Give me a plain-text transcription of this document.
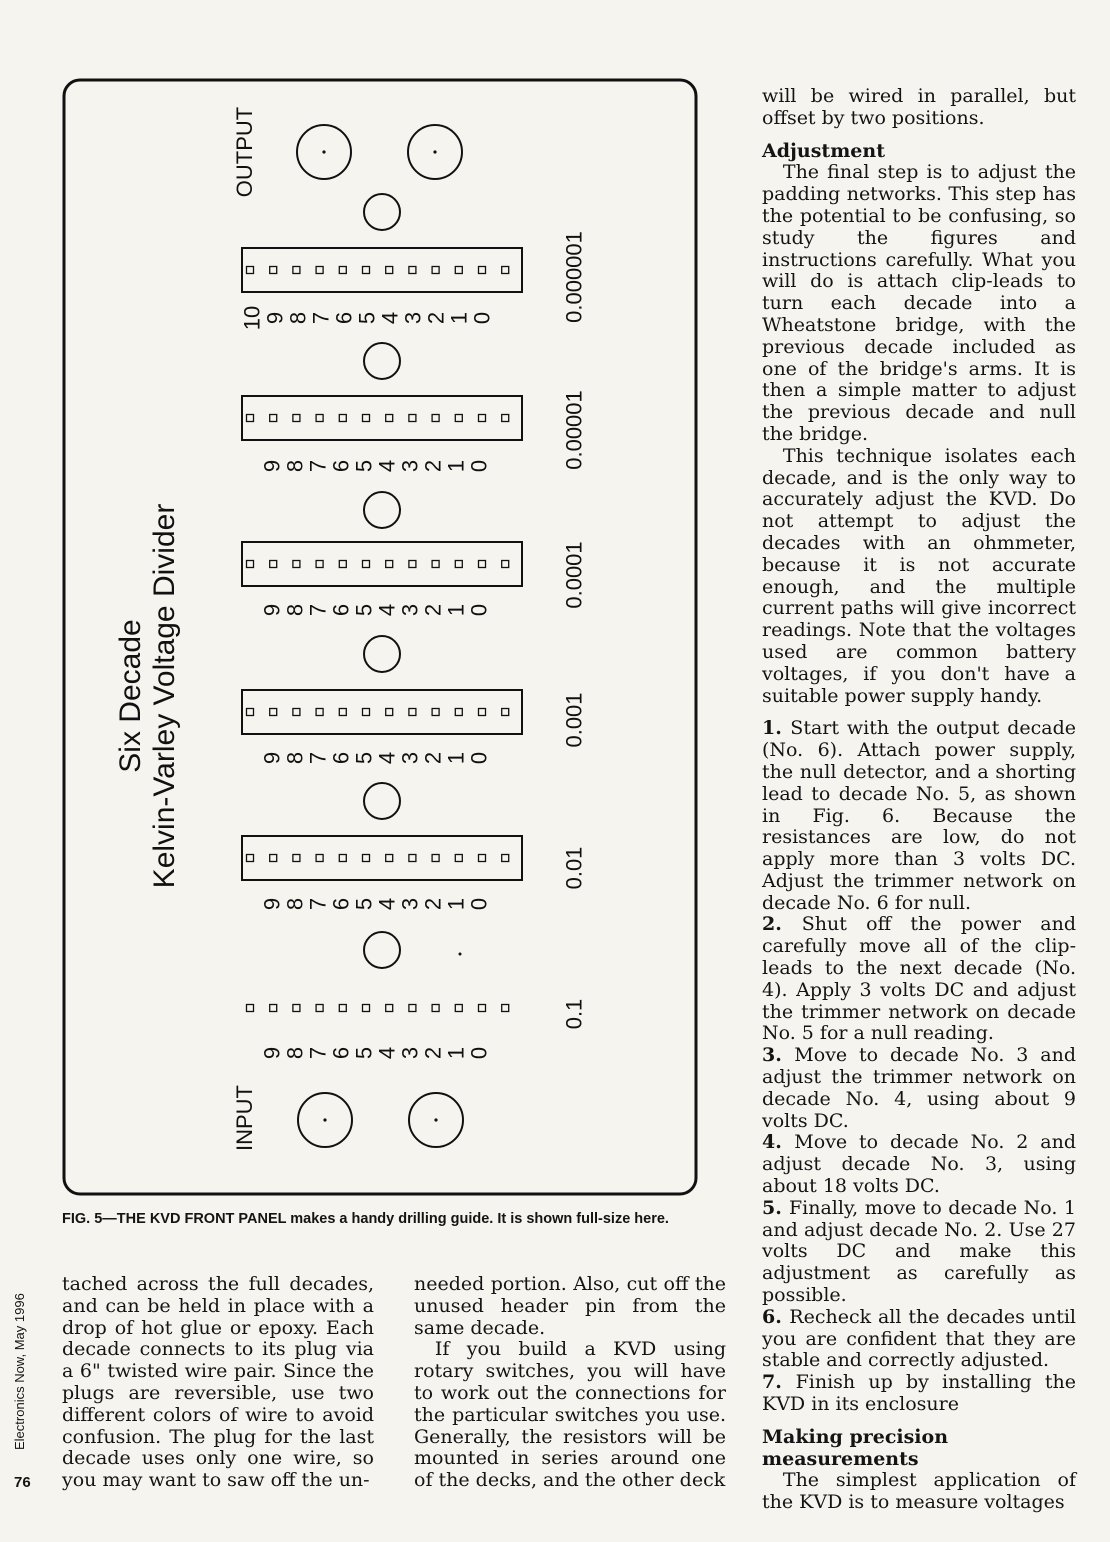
Six Decade Kelvin-Varley Voltage Divider
OUTPUT
INPUT
10
9
8
7
6
5
4
3
2
1
0
9
8
7
6
5
4
3
2
1
0
9
8
7
6
5
4
3
2
1
0
9
8
7
6
5
4
3
2
1
0
9
8
7
6
5
4
3
2
1
0
9
8
7
6
5
4
3
2
1
0
0.1
0.01
0.001
0.0001
0.00001
0.000001
FIG. 5—THE KVD FRONT PANEL makes a handy drilling guide. It is shown full-size here.
Electronics Now, May 1996
76

tached across the full decades, and can be held in place with a drop of hot glue or epoxy. Each decade connects to its plug via a 6" twisted wire pair. Since the plugs are reversible, use two different colors of wire to avoid confusion. The plug for the last decade uses only one wire, so you may want to saw off the un-

needed portion. Also, cut off the unused header pin from the same decade.

If you build a KVD using rotary switches, you will have to work out the connections for the particular switches you use. Generally, the resistors will be mounted in series around one of the decks, and the other deck

will be wired in parallel, but offset by two positions.

Adjustment

The final step is to adjust the padding networks. This step has the potential to be confusing, so study the figures and instructions carefully. What you will do is attach clip-leads to turn each decade into a Wheatstone bridge, with the previous decade included as one of the bridge's arms. It is then a simple matter to adjust the previous decade and null the bridge.

This technique isolates each decade, and is the only way to accurately adjust the KVD. Do not attempt to adjust the decades with an ohmmeter, because it is not accurate enough, and the multiple current paths will give incorrect readings. Note that the voltages used are common battery voltages, if you don't have a suitable power supply handy.

1. Start with the output decade (No. 6). Attach power supply, the null detector, and a shorting lead to decade No. 5, as shown in Fig. 6. Because the resistances are low, do not apply more than 3 volts DC. Adjust the trimmer network on decade No. 6 for null.

2. Shut off the power and carefully move all of the clip-leads to the next decade (No. 4). Apply 3 volts DC and adjust the trimmer network on decade No. 5 for a null reading.

3. Move to decade No. 3 and adjust the trimmer network on decade No. 4, using about 9 volts DC.

4. Move to decade No. 2 and adjust decade No. 3, using about 18 volts DC.

5. Finally, move to decade No. 1 and adjust decade No. 2. Use 27 volts DC and make this adjustment as carefully as possible.

6. Recheck all the decades until you are confident that they are stable and correctly adjusted.

7. Finish up by installing the KVD in its enclosure

Making precision measurements

The simplest application of the KVD is to measure voltages
